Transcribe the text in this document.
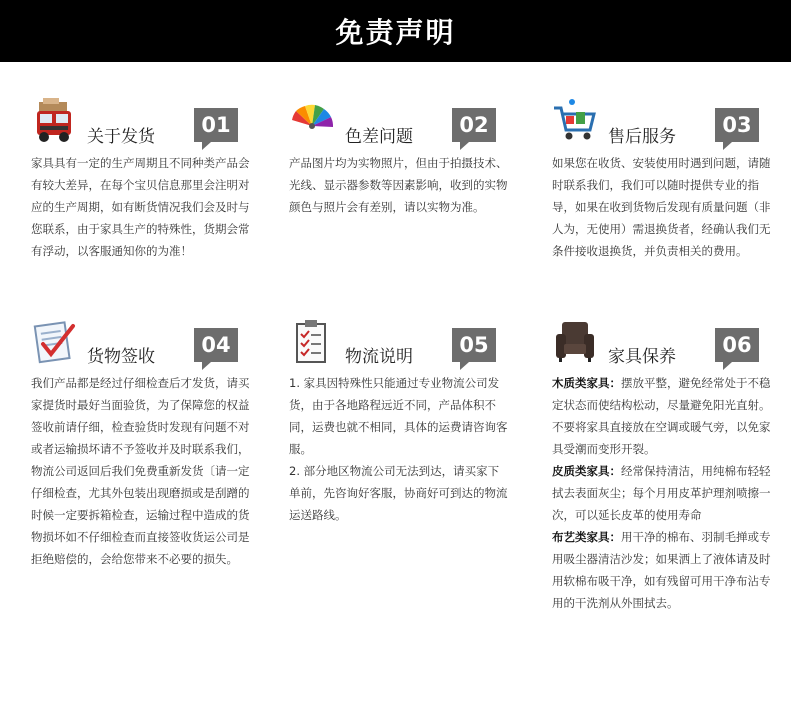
免责声明
关于发货	01
家具具有一定的生产周期且不同种类产品会有较大差异，在每个宝贝信息那里会注明对应的生产周期，如有断货情况我们会及时与您联系，由于家具生产的特殊性，货期会常有浮动，以客服通知你的为准！
色差问题	02
产品图片均为实物照片，但由于拍摄技术、光线、显示器参数等因素影响，收到的实物颜色与照片会有差别，请以实物为准。
售后服务	03
如果您在收货、安装使用时遇到问题，请随时联系我们，我们可以随时提供专业的指导，如果在收到货物后发现有质量问题（非人为，无使用）需退换货者，经确认我们无条件接收退换货，并负责相关的费用。
货物签收	04
我们产品都是经过仔细检查后才发货，请买家提货时最好当面验货，为了保障您的权益签收前请仔细，检查验货时发现有问题不对或者运输损坏请不予签收并及时联系我们，物流公司返回后我们免费重新发货〔请一定仔细检查，尤其外包装出现磨损或是刮蹭的时候一定要拆箱检查，运输过程中造成的货物损坏如不仔细检查而直接签收货运公司是拒绝赔偿的，会给您带来不必要的损失。
物流说明	05

1. 家具因特殊性只能通过专业物流公司发货，由于各地路程远近不同，产品体积不同，运费也就不相同，具体的运费请咨询客服。

2. 部分地区物流公司无法到达，请买家下单前，先咨询好客服，协商好可到达的物流运送路线。

家具保养	06

木质类家具：摆放平整，避免经常处于不稳定状态而使结构松动，尽量避免阳光直射。不要将家具直接放在空调或暖气旁，以免家具受潮而变形开裂。

皮质类家具：经常保持清洁，用纯棉布轻轻拭去表面灰尘；每个月用皮革护理剂喷擦一次，可以延长皮革的使用寿命

布艺类家具：用干净的棉布、羽制毛掸或专用吸尘器清洁沙发；如果洒上了液体请及时用软棉布吸干净，如有残留可用干净布沾专用的干洗剂从外围拭去。
